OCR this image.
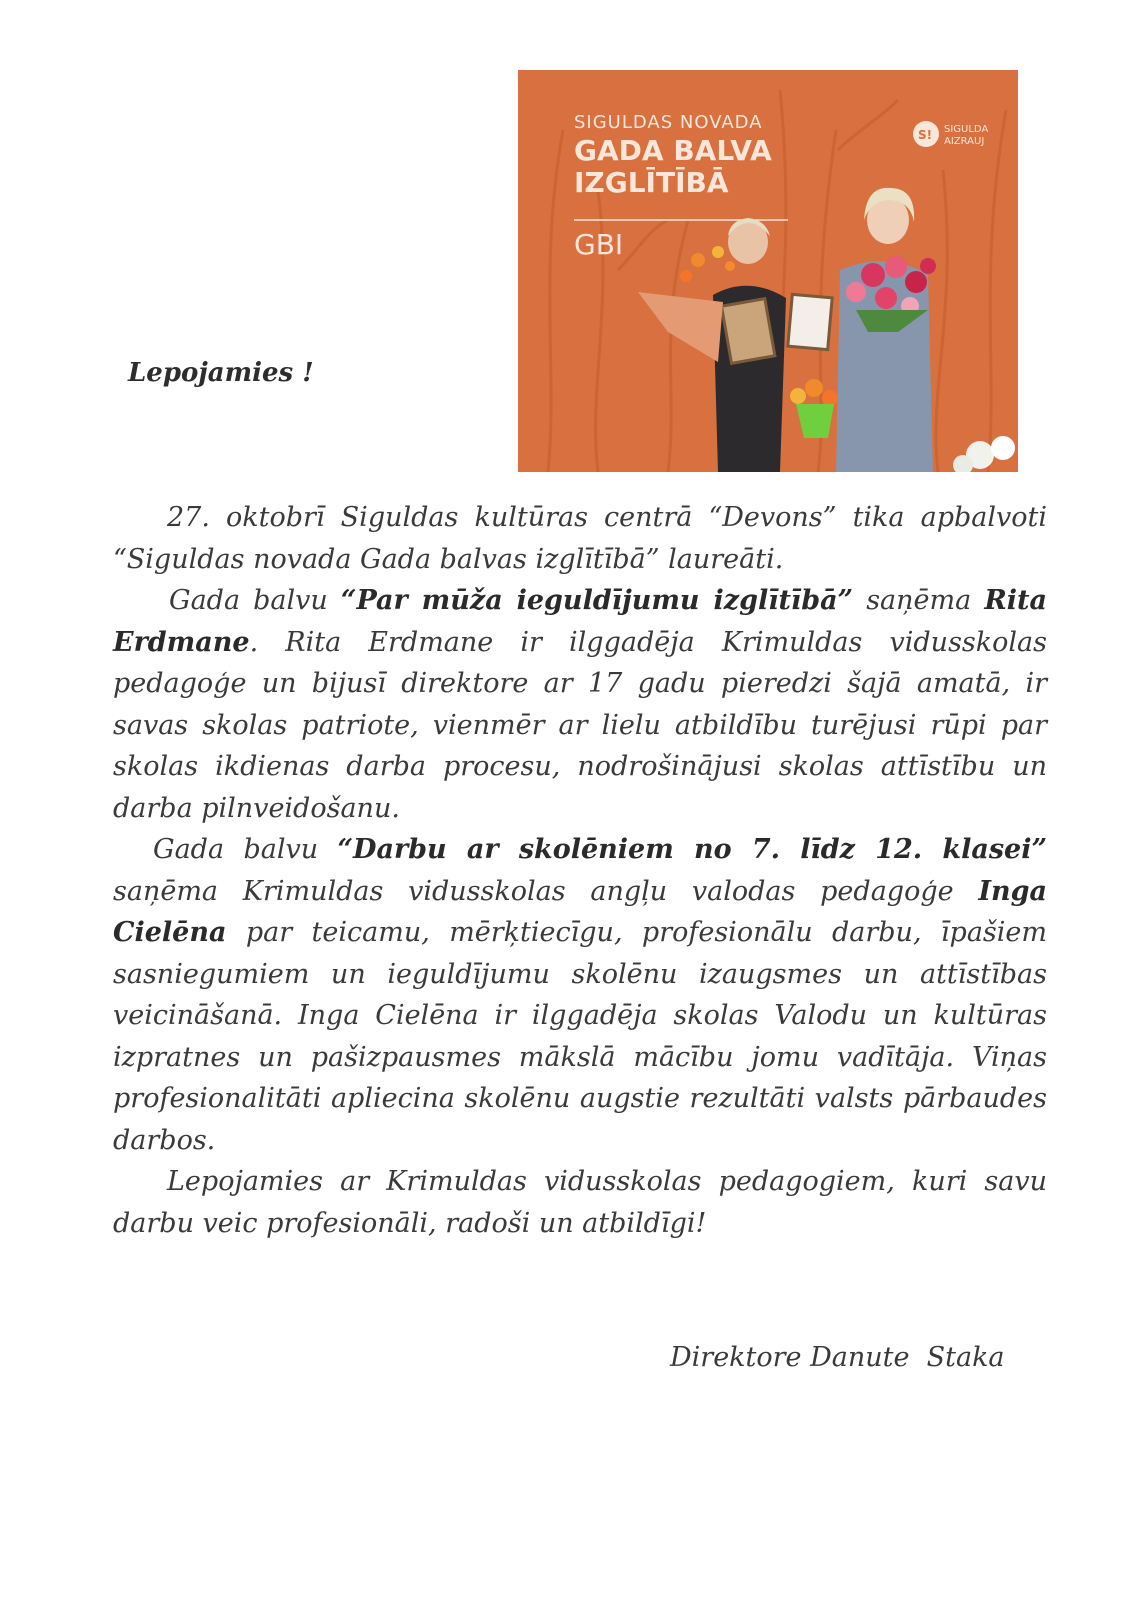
Lepojamies !

SIGULDAS NOVADA
GADA BALVA
IZGLĪTĪBĀ
GBI
S! SIGULDA
AIZRAUJ

27. oktobrī Siguldas kultūras centrā “Devons” tika apbalvoti “Siguldas novada Gada balvas izglītībā” laureāti.

Gada balvu “Par mūža ieguldījumu izglītībā” saņēma Rita Erdmane. Rita Erdmane ir ilggadēja Krimuldas vidusskolas pedagoģe un bijusī direktore ar 17 gadu pieredzi šajā amatā, ir savas skolas patriote, vienmēr ar lielu atbildību turējusi rūpi par skolas ikdienas darba procesu, nodrošinājusi skolas attīstību un darba pilnveidošanu.

Gada balvu “Darbu ar skolēniem no 7. līdz 12. klasei” saņēma Krimuldas vidusskolas angļu valodas pedagoģe Inga Cielēna par teicamu, mērķtiecīgu, profesionālu darbu, īpašiem sasniegumiem un ieguldījumu skolēnu izaugsmes un attīstības veicināšanā. Inga Cielēna ir ilggadēja skolas Valodu un kultūras izpratnes un pašizpausmes mākslā mācību jomu vadītāja. Viņas profesionalitāti apliecina skolēnu augstie rezultāti valsts pārbaudes darbos.

Lepojamies ar Krimuldas vidusskolas pedagogiem, kuri savu darbu veic profesionāli, radoši un atbildīgi!

Direktore Danute  Staka
